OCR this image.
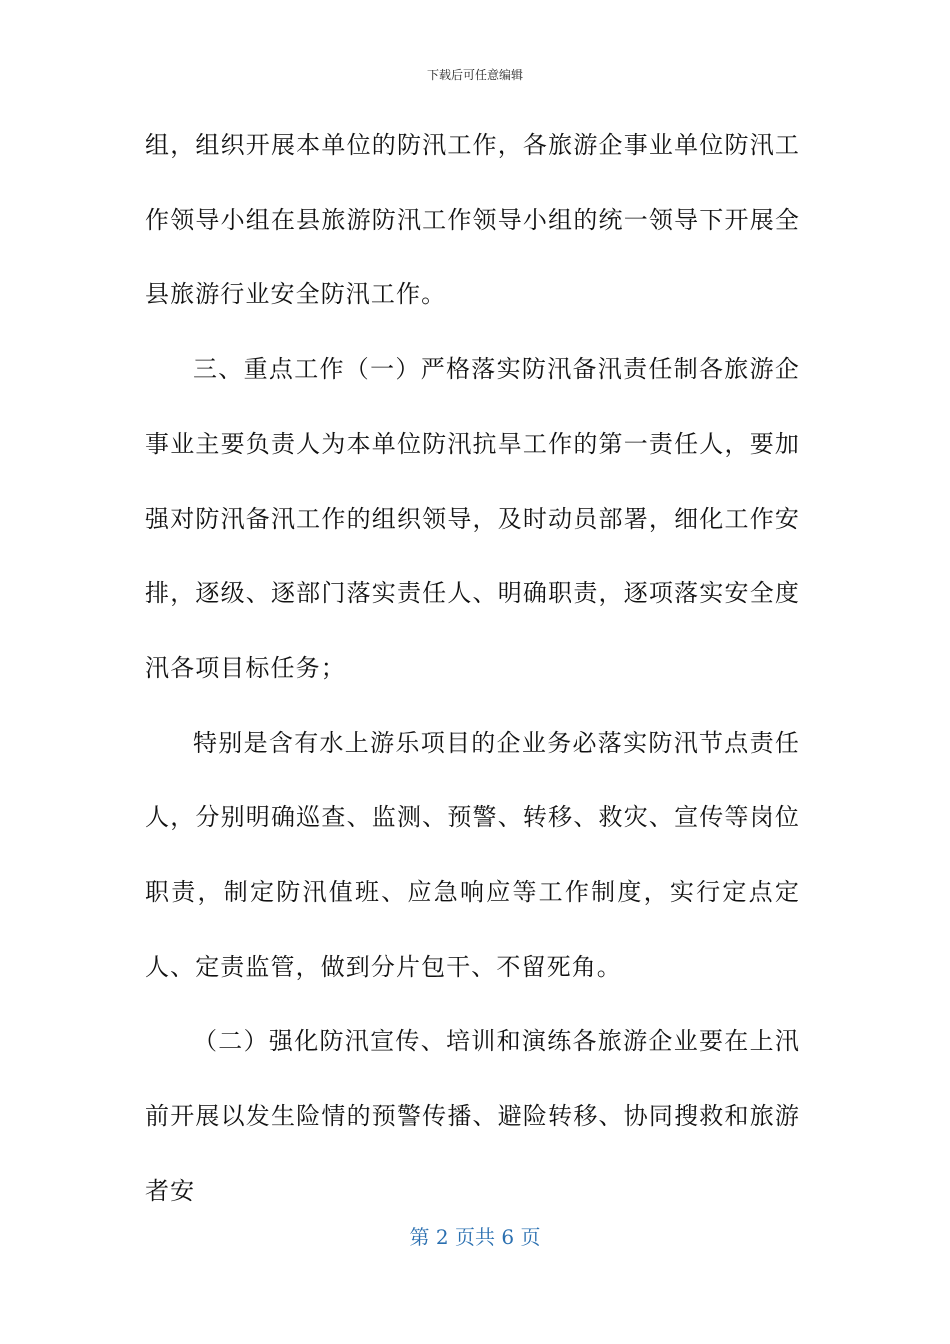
下载后可任意编辑

组，组织开展本单位的防汛工作，各旅游企事业单位防汛工作领导小组在县旅游防汛工作领导小组的统一领导下开展全县旅游行业安全防汛工作。

三、重点工作（一）严格落实防汛备汛责任制各旅游企事业主要负责人为本单位防汛抗旱工作的第一责任人，要加强对防汛备汛工作的组织领导，及时动员部署，细化工作安排，逐级、逐部门落实责任人、明确职责，逐项落实安全度汛各项目标任务；

特别是含有水上游乐项目的企业务必落实防汛节点责任人，分别明确巡查、监测、预警、转移、救灾、宣传等岗位职责，制定防汛值班、应急响应等工作制度，实行定点定人、定责监管，做到分片包干、不留死角。

（二）强化防汛宣传、培训和演练各旅游企业要在上汛前开展以发生险情的预警传播、避险转移、协同搜救和旅游者安

第 2 页共 6 页
